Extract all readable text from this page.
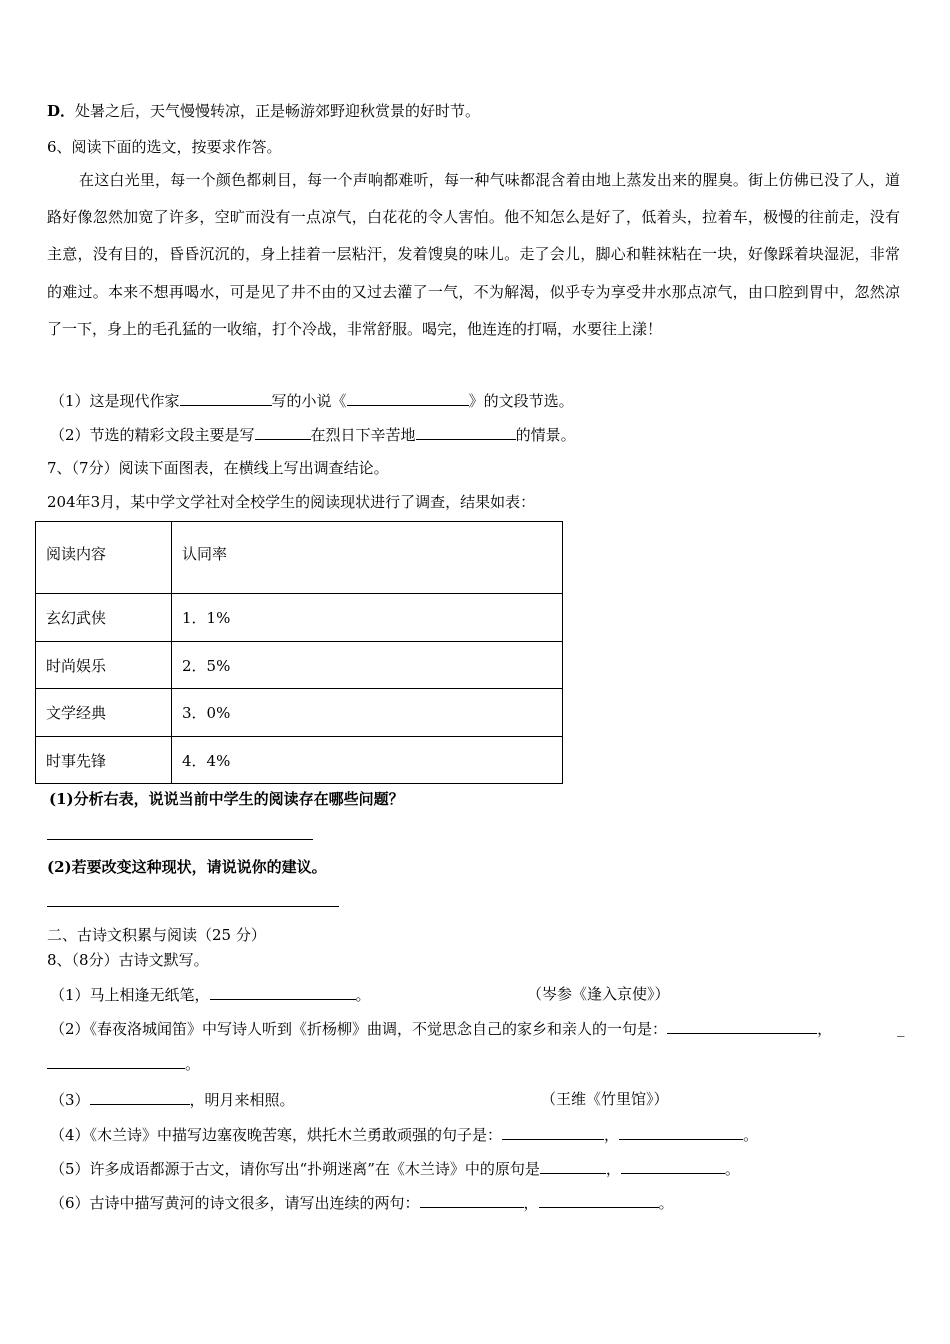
D．处暑之后，天气慢慢转凉，正是畅游郊野迎秋赏景的好时节。
6、阅读下面的选文，按要求作答。
在这白光里，每一个颜色都刺目，每一个声响都难听，每一种气味都混含着由地上蒸发出来的腥臭。街上仿佛已没了人，道路好像忽然加宽了许多，空旷而没有一点凉气，白花花的令人害怕。他不知怎么是好了，低着头，拉着车，极慢的往前走，没有主意，没有目的，昏昏沉沉的，身上挂着一层粘汗，发着馊臭的味儿。走了会儿，脚心和鞋袜粘在一块，好像踩着块湿泥，非常的难过。本来不想再喝水，可是见了井不由的又过去灌了一气，不为解渴，似乎专为享受井水那点凉气，由口腔到胃中，忽然凉了一下，身上的毛孔猛的一收缩，打个冷战，非常舒服。喝完，他连连的打嗝，水要往上漾！
（1）这是现代作家	写的小说《	》的文段节选。
（2）节选的精彩文段主要是写	在烈日下辛苦地	的情景。
7、（7分）阅读下面图表，在横线上写出调查结论。
204年3月，某中学文学社对全校学生的阅读现状进行了调查，结果如表：
阅读内容	认同率
玄幻武侠	1．1%
时尚娱乐	2．5%
文学经典	3．0%
时事先锋	4．4%
(1)分析右表，说说当前中学生的阅读存在哪些问题？
(2)若要改变这种现状，请说说你的建议。
二、古诗文积累与阅读（25 分）
8、（8分）古诗文默写。
（1）马上相逢无纸笔，	。	（岑参《逢入京使》）
（2）《春夜洛城闻笛》中写诗人听到《折杨柳》曲调，不觉思念自己的家乡和亲人的一句是：	，	_
。
（3）	，明月来相照。	（王维《竹里馆》）
（4）《木兰诗》中描写边塞夜晚苦寒，烘托木兰勇敢顽强的句子是：	，	。
（5）许多成语都源于古文，请你写出“扑朔迷离”在《木兰诗》中的原句是	，	。
（6）古诗中描写黄河的诗文很多，请写出连续的两句：	，	。
